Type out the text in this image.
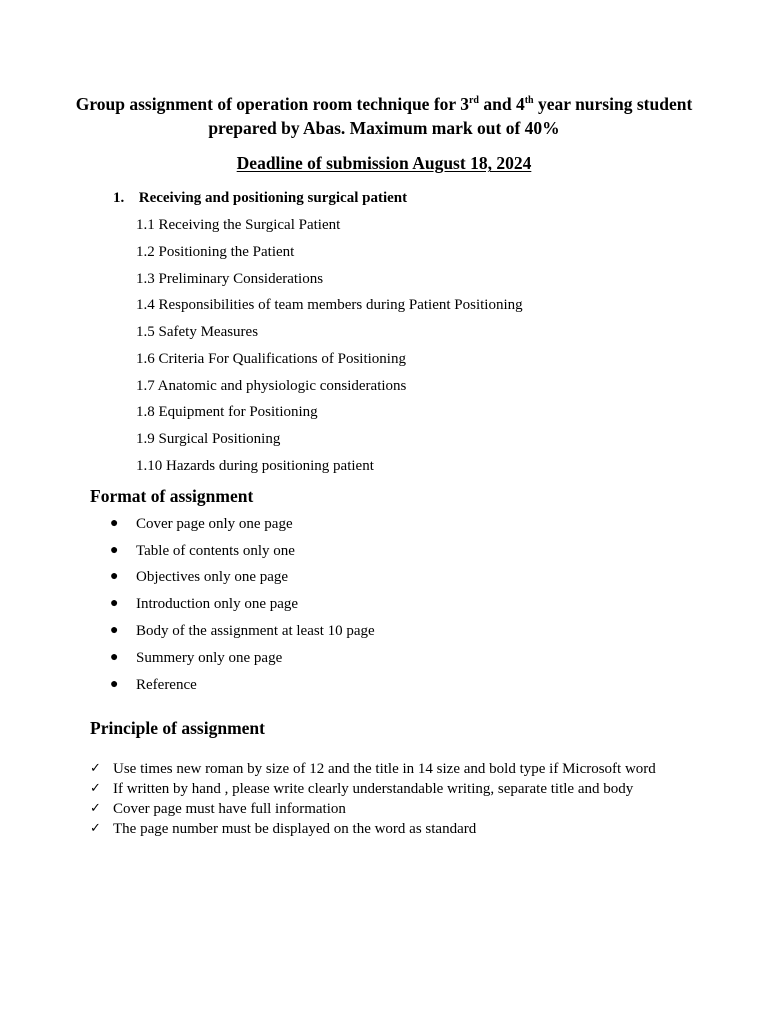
Group assignment of operation room technique for 3rd and 4th year nursing student prepared by Abas. Maximum mark out of 40%
Deadline of submission August 18, 2024
1. Receiving and positioning surgical patient
1.1 Receiving the Surgical Patient
1.2 Positioning the Patient
1.3 Preliminary Considerations
1.4 Responsibilities of team members during Patient Positioning
1.5 Safety Measures
1.6 Criteria For Qualifications of Positioning
1.7 Anatomic and physiologic considerations
1.8 Equipment for Positioning
1.9 Surgical Positioning
1.10 Hazards during positioning patient
Format of assignment
● Cover page only one page
● Table of contents only one
● Objectives only one page
● Introduction only one page
● Body of the assignment at least 10 page
● Summery only one page
● Reference
Principle of assignment
✓ Use times new roman by size of 12 and the title in 14 size and bold type if Microsoft word
✓ If written by hand , please write clearly understandable writing, separate title and body
✓ Cover page must have full information
✓ The page number must be displayed on the word as standard
